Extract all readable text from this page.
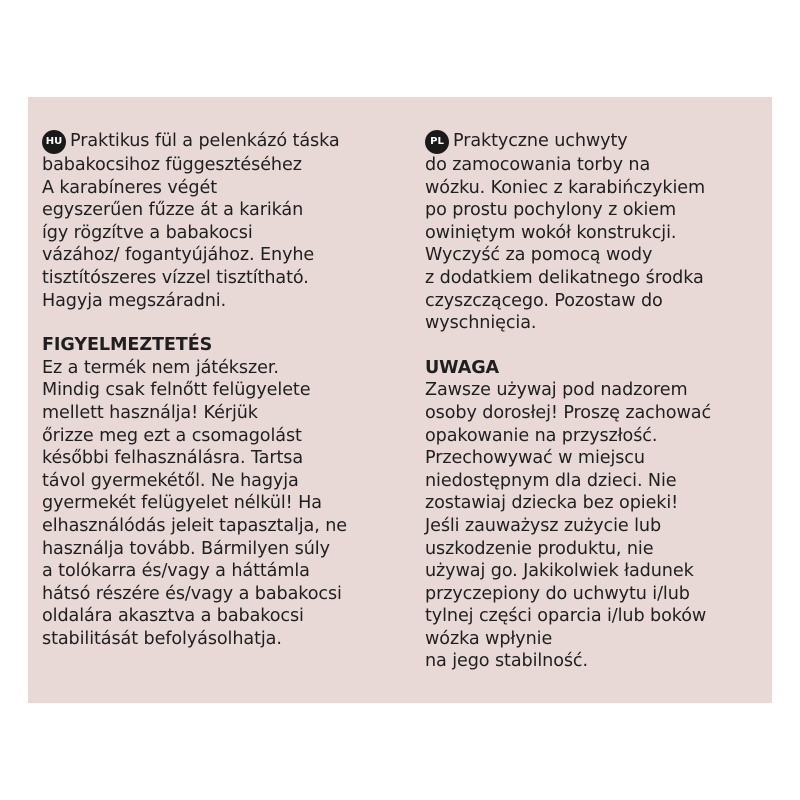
HU Praktikus fül a pelenkázó táska
babakocsihoz függesztéséhez
A karabíneres végét
egyszerűen fűzze át a karikán
így rögzítve a babakocsi
vázához/ fogantyújához. Enyhe
tisztítószeres vízzel tisztítható.
Hagyja megszáradni.
FIGYELMEZTETÉS
Ez a termék nem játékszer.
Mindig csak felnőtt felügyelete
mellett használja! Kérjük
őrizze meg ezt a csomagolást
későbbi felhasználásra. Tartsa
távol gyermekétől. Ne hagyja
gyermekét felügyelet nélkül! Ha
elhasználódás jeleit tapasztalja, ne
használja tovább. Bármilyen súly
a tolókarra és/vagy a háttámla
hátsó részére és/vagy a babakocsi
oldalára akasztva a babakocsi
stabilitását befolyásolhatja.
PL Praktyczne uchwyty
do zamocowania torby na
wózku. Koniec z karabińczykiem
po prostu pochylony z okiem
owiniętym wokół konstrukcji.
Wyczyść za pomocą wody
z dodatkiem delikatnego środka
czyszczącego. Pozostaw do
wyschnięcia.
UWAGA
Zawsze używaj pod nadzorem
osoby dorosłej! Proszę zachować
opakowanie na przyszłość.
Przechowywać w miejscu
niedostępnym dla dzieci. Nie
zostawiaj dziecka bez opieki!
Jeśli zauważysz zużycie lub
uszkodzenie produktu, nie
używaj go. Jakikolwiek ładunek
przyczepiony do uchwytu i/lub
tylnej części oparcia i/lub boków
wózka wpłynie
na jego stabilność.
